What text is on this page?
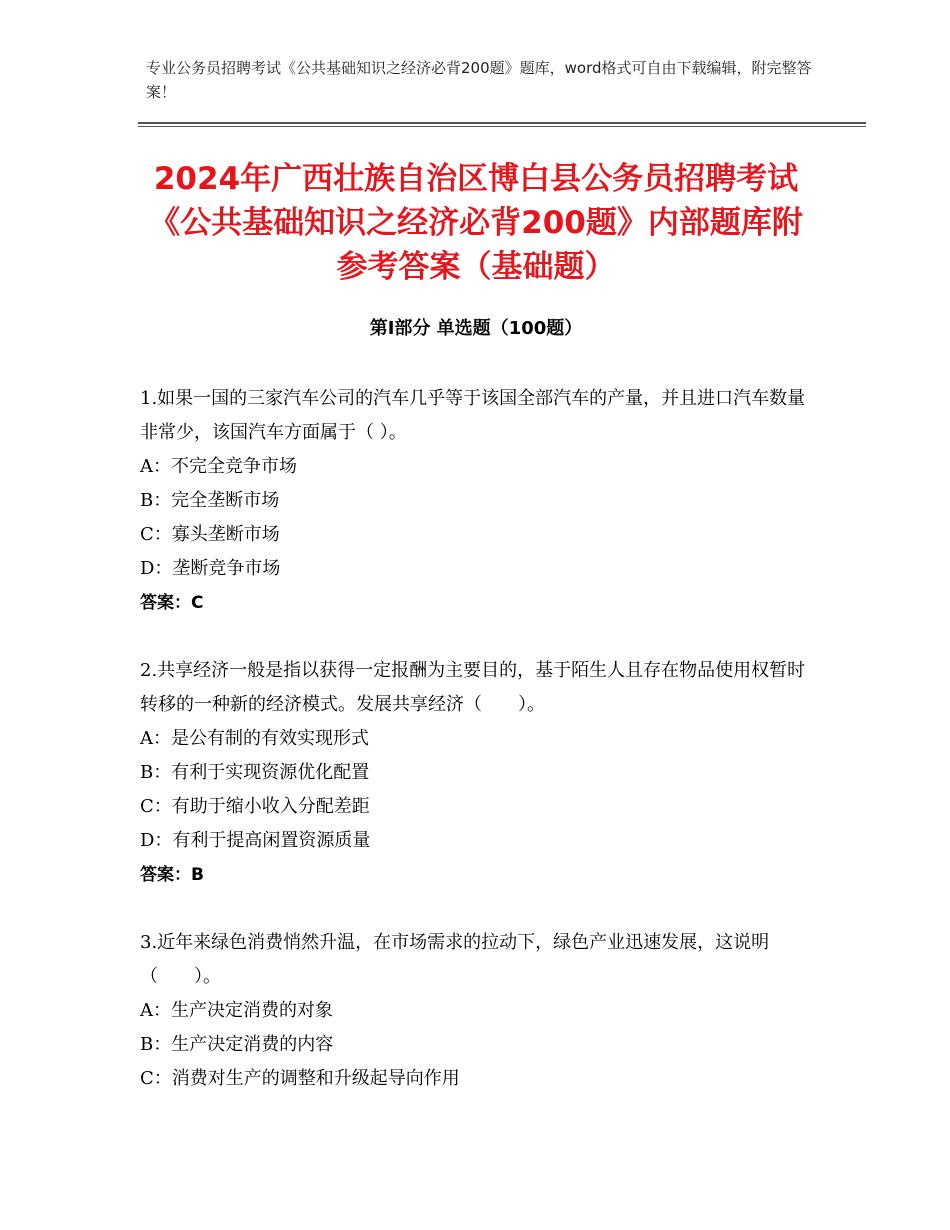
专业公务员招聘考试《公共基础知识之经济必背200题》题库，word格式可自由下载编辑，附完整答案！
2024年广西壮族自治区博白县公务员招聘考试《公共基础知识之经济必背200题》内部题库附参考答案（基础题）
第Ⅰ部分 单选题（100题）

1.如果一国的三家汽车公司的汽车几乎等于该国全部汽车的产量，并且进口汽车数量非常少，该国汽车方面属于（ ）。

A：不完全竞争市场

B：完全垄断市场

C：寡头垄断市场

D：垄断竞争市场

答案：C

2.共享经济一般是指以获得一定报酬为主要目的，基于陌生人且存在物品使用权暂时转移的一种新的经济模式。发展共享经济（　　）。

A：是公有制的有效实现形式

B：有利于实现资源优化配置

C：有助于缩小收入分配差距

D：有利于提高闲置资源质量

答案：B

3.近年来绿色消费悄然升温，在市场需求的拉动下，绿色产业迅速发展，这说明（　　）。

A：生产决定消费的对象

B：生产决定消费的内容

C：消费对生产的调整和升级起导向作用
